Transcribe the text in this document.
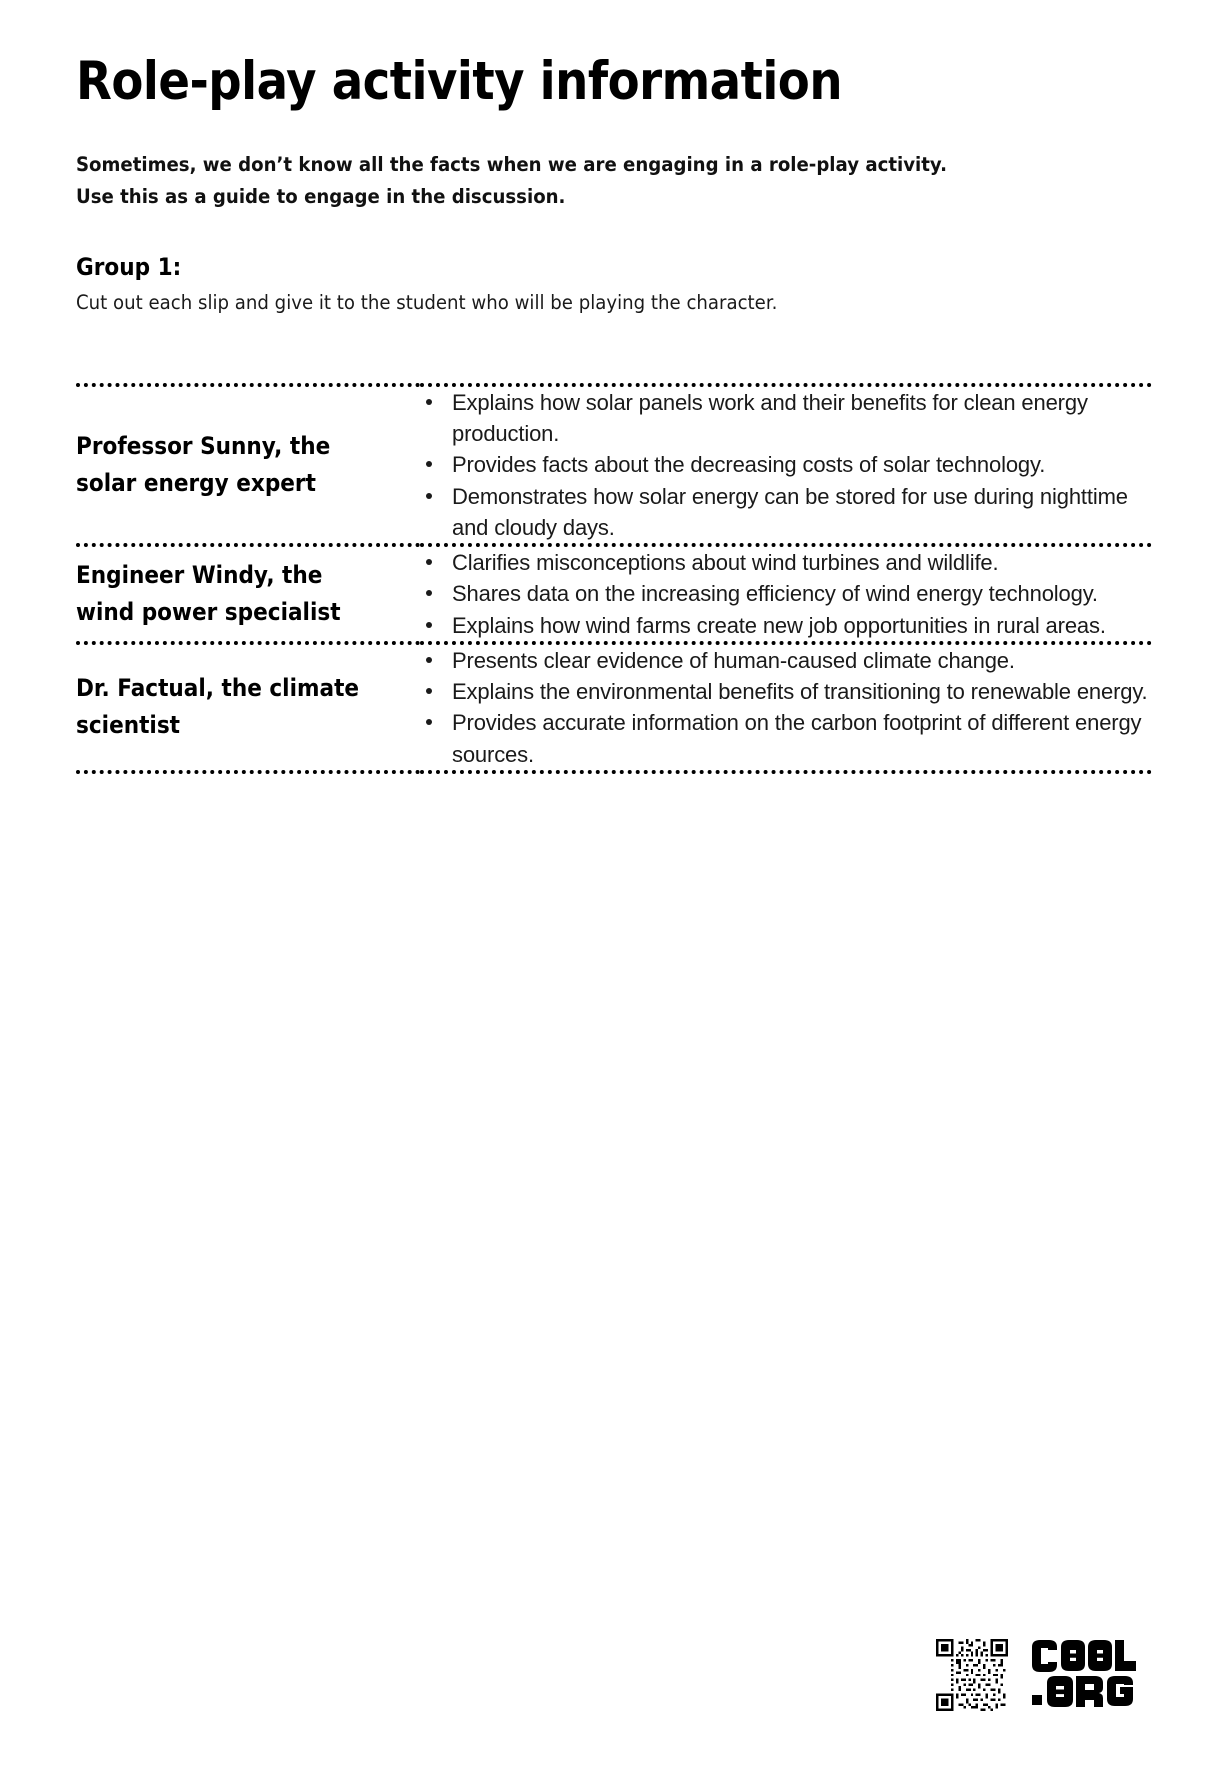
Role-play activity information

Sometimes, we don’t know all the facts when we are engaging in a role-play activity.
Use this as a guide to engage in the discussion.

Group 1:

Cut out each slip and give it to the student who will be playing the character.

Professor Sunny, the solar energy expert

Explains how solar panels work and their benefits for clean energy production.
Provides facts about the decreasing costs of solar technology.
Demonstrates how solar energy can be stored for use during nighttime and cloudy days.

Engineer Windy, the wind power specialist

Clarifies misconceptions about wind turbines and wildlife.
Shares data on the increasing efficiency of wind energy technology.
Explains how wind farms create new job opportunities in rural areas.

Dr. Factual, the climate scientist

Presents clear evidence of human-caused climate change.
Explains the environmental benefits of transitioning to renewable energy.
Provides accurate information on the carbon footprint of different energy sources.
